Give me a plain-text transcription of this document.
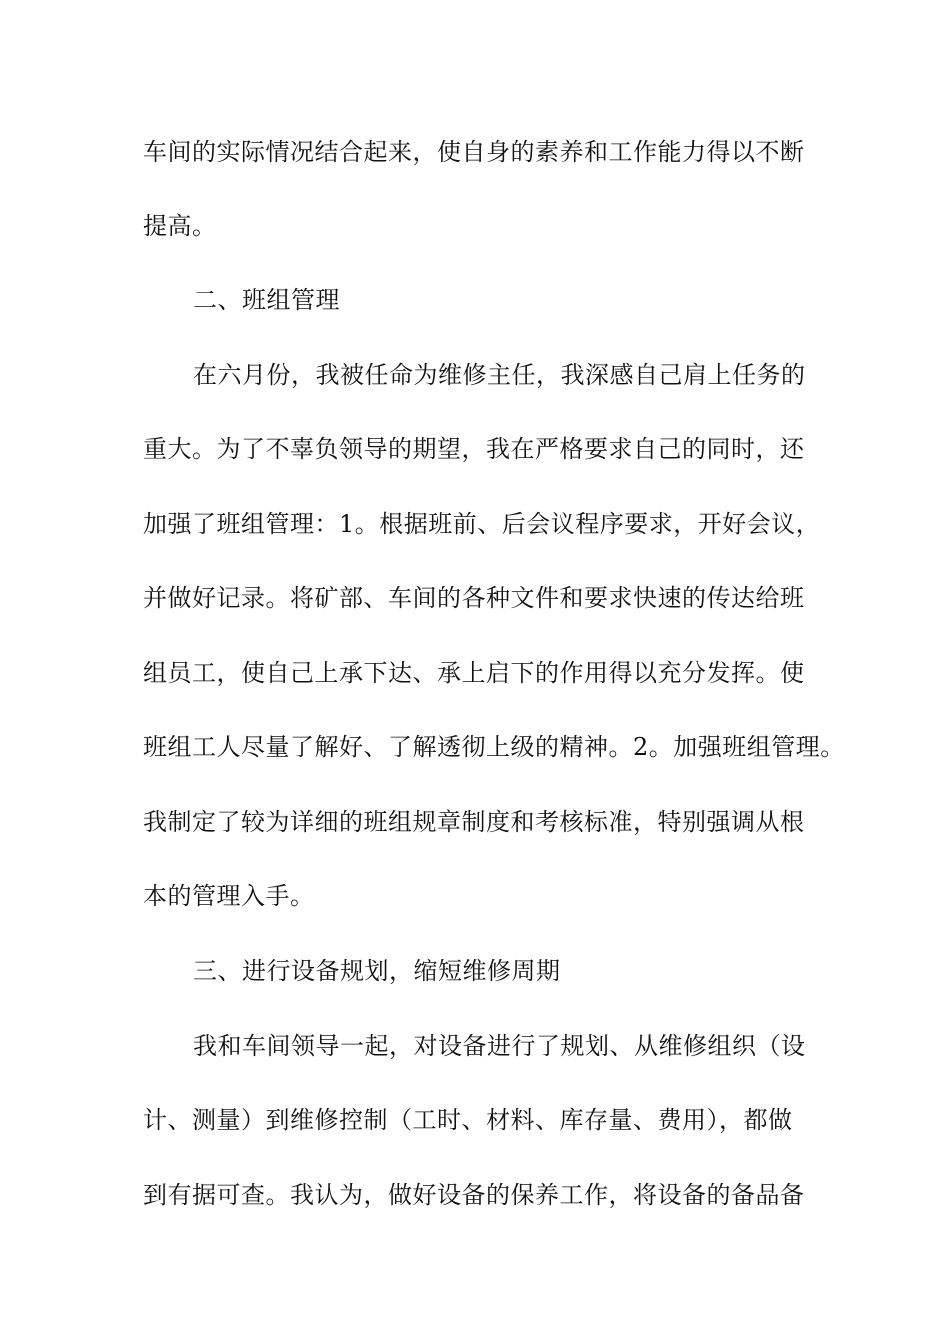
车间的实际情况结合起来，使自身的素养和工作能力得以不断
提高。
二、班组管理
在六月份，我被任命为维修主任，我深感自己肩上任务的
重大。为了不辜负领导的期望，我在严格要求自己的同时，还
加强了班组管理：1。根据班前、后会议程序要求，开好会议，
并做好记录。将矿部、车间的各种文件和要求快速的传达给班
组员工，使自己上承下达、承上启下的作用得以充分发挥。使
班组工人尽量了解好、了解透彻上级的精神。2。加强班组管理。
我制定了较为详细的班组规章制度和考核标准，特别强调从根
本的管理入手。
三、进行设备规划，缩短维修周期
我和车间领导一起，对设备进行了规划、从维修组织（设
计、测量）到维修控制（工时、材料、库存量、费用），都做
到有据可查。我认为，做好设备的保养工作，将设备的备品备
